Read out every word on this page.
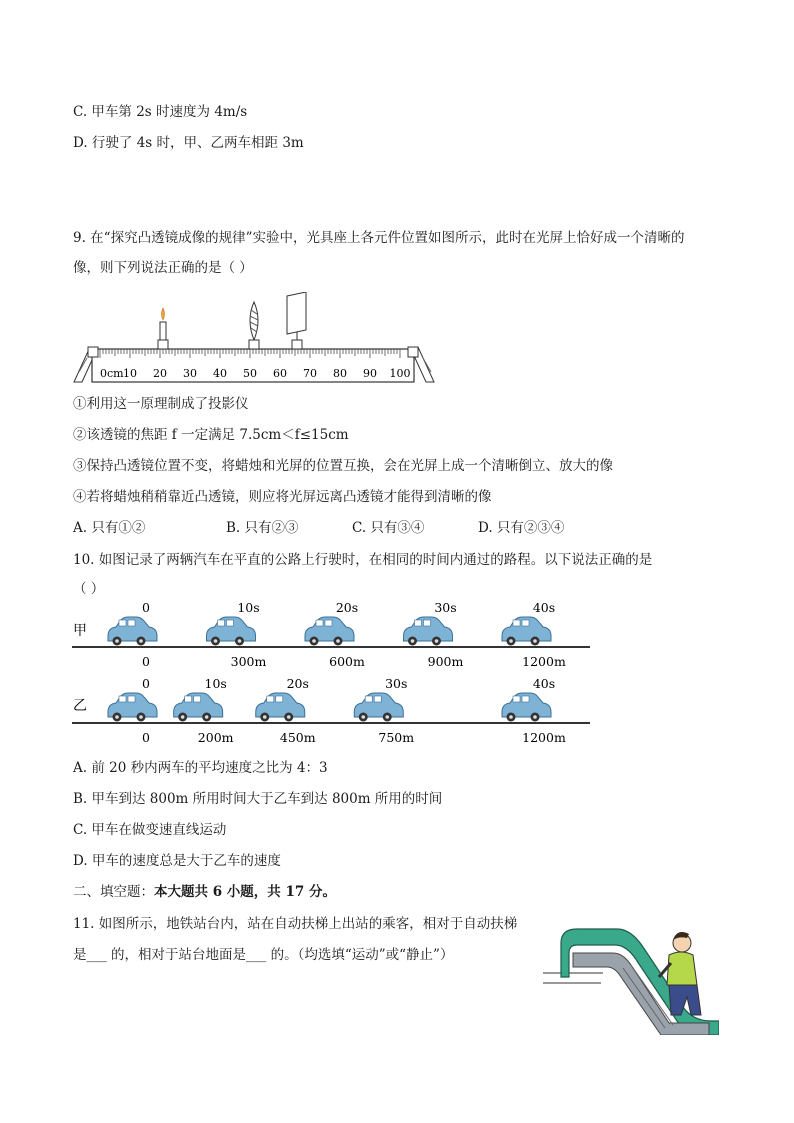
C. 甲车第 2s 时速度为 4m/s
D. 行驶了 4s 时，甲、乙两车相距 3m
9. 在“探究凸透镜成像的规律”实验中，光具座上各元件位置如图所示，此时在光屏上恰好成一个清晰的
像，则下列说法正确的是（ ）
0cm 10 20 30 40 50 60 70 80 90 100
①利用这一原理制成了投影仪
②该透镜的焦距 f 一定满足 7.5cm＜f≤15cm
③保持凸透镜位置不变，将蜡烛和光屏的位置互换，会在光屏上成一个清晰倒立、放大的像
④若将蜡烛稍稍靠近凸透镜，则应将光屏远离凸透镜才能得到清晰的像
A. 只有①②	B. 只有②③	C. 只有③④	D. 只有②③④
10. 如图记录了两辆汽车在平直的公路上行驶时，在相同的时间内通过的路程。以下说法正确的是
（ ）
甲
乙
0
0
10s
300m
20s
600m
30s
900m
40s
1200m
0
0
10s
200m
20s
450m
30s
750m
40s
1200m
A. 前 20 秒内两车的平均速度之比为 4：3
B. 甲车到达 800m 所用时间大于乙车到达 800m 所用的时间
C. 甲车在做变速直线运动
D. 甲车的速度总是大于乙车的速度
二、填空题：本大题共 6 小题，共 17 分。
11. 如图所示，地铁站台内，站在自动扶梯上出站的乘客，相对于自动扶梯
是___ 的，相对于站台地面是___ 的。（均选填“运动”或“静止”）
